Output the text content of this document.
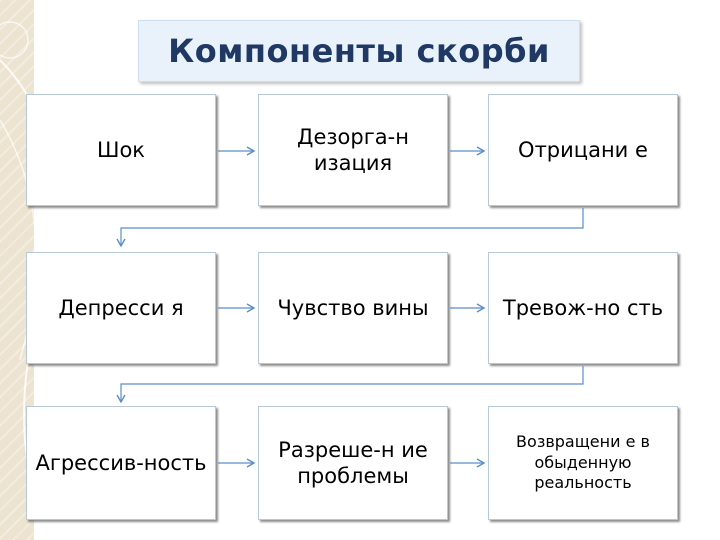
Компоненты скорби
Шок
Дезорга-н изация
Отрицани е
Депресси я	Чувство вины	Тревож-но сть
Агрессив-ность
Разреше-н ие проблемы
Возвращени е в обыденную реальность
